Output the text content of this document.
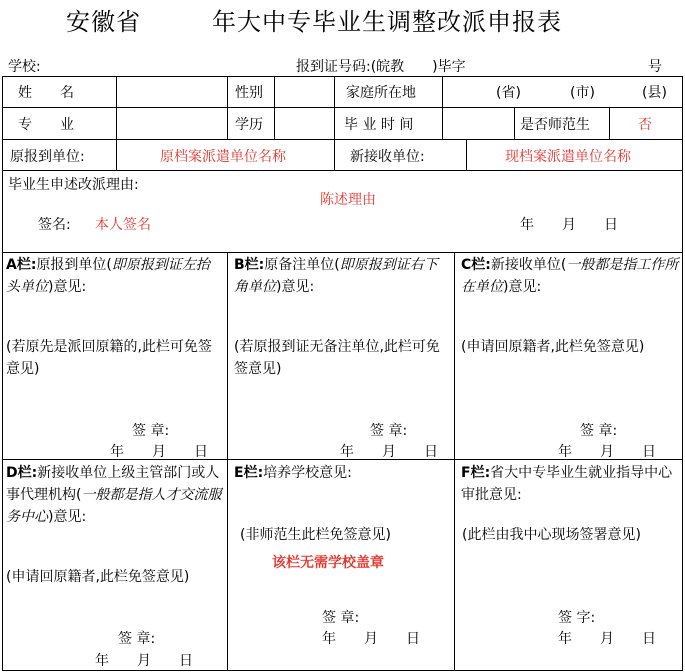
安徽省	年大中专毕业生调整改派申报表
学校:	报到证号码:(皖教　　)毕字	号
姓　　名	性别	家庭所在地	(省)	(市)	(县)
专　　业	学历	毕 业 时 间	是否师范生	否
原报到单位:	原档案派遣单位名称	新接收单位:	现档案派遣单位名称
毕业生申述改派理由:
陈述理由
签名: 本人签名	年　　月　　日
A栏:原报到单位(即原报到证左抬头单位)意见:
(若原先是派回原籍的,此栏可免签意见)
签 章:
年　　月　　日
B栏:原备注单位(即原报到证右下角单位)意见:
(若原报到证无备注单位,此栏可免签意见)
签 章:
年　　月　　日
C栏:新接收单位(一般都是指工作所在单位)意见:
(申请回原籍者,此栏免签意见)
签 章:
年　　月　　日
D栏:新接收单位上级主管部门或人事代理机构(一般都是指人才交流服务中心)意见:
(申请回原籍者,此栏免签意见)
签 章:
年　　月　　日
E栏:培养学校意见:
(非师范生此栏免签意见)
该栏无需学校盖章
签 章:
年　　月　　日
F栏:省大中专毕业生就业指导中心审批意见:
(此栏由我中心现场签署意见)
签 字:
年　　月　　日
